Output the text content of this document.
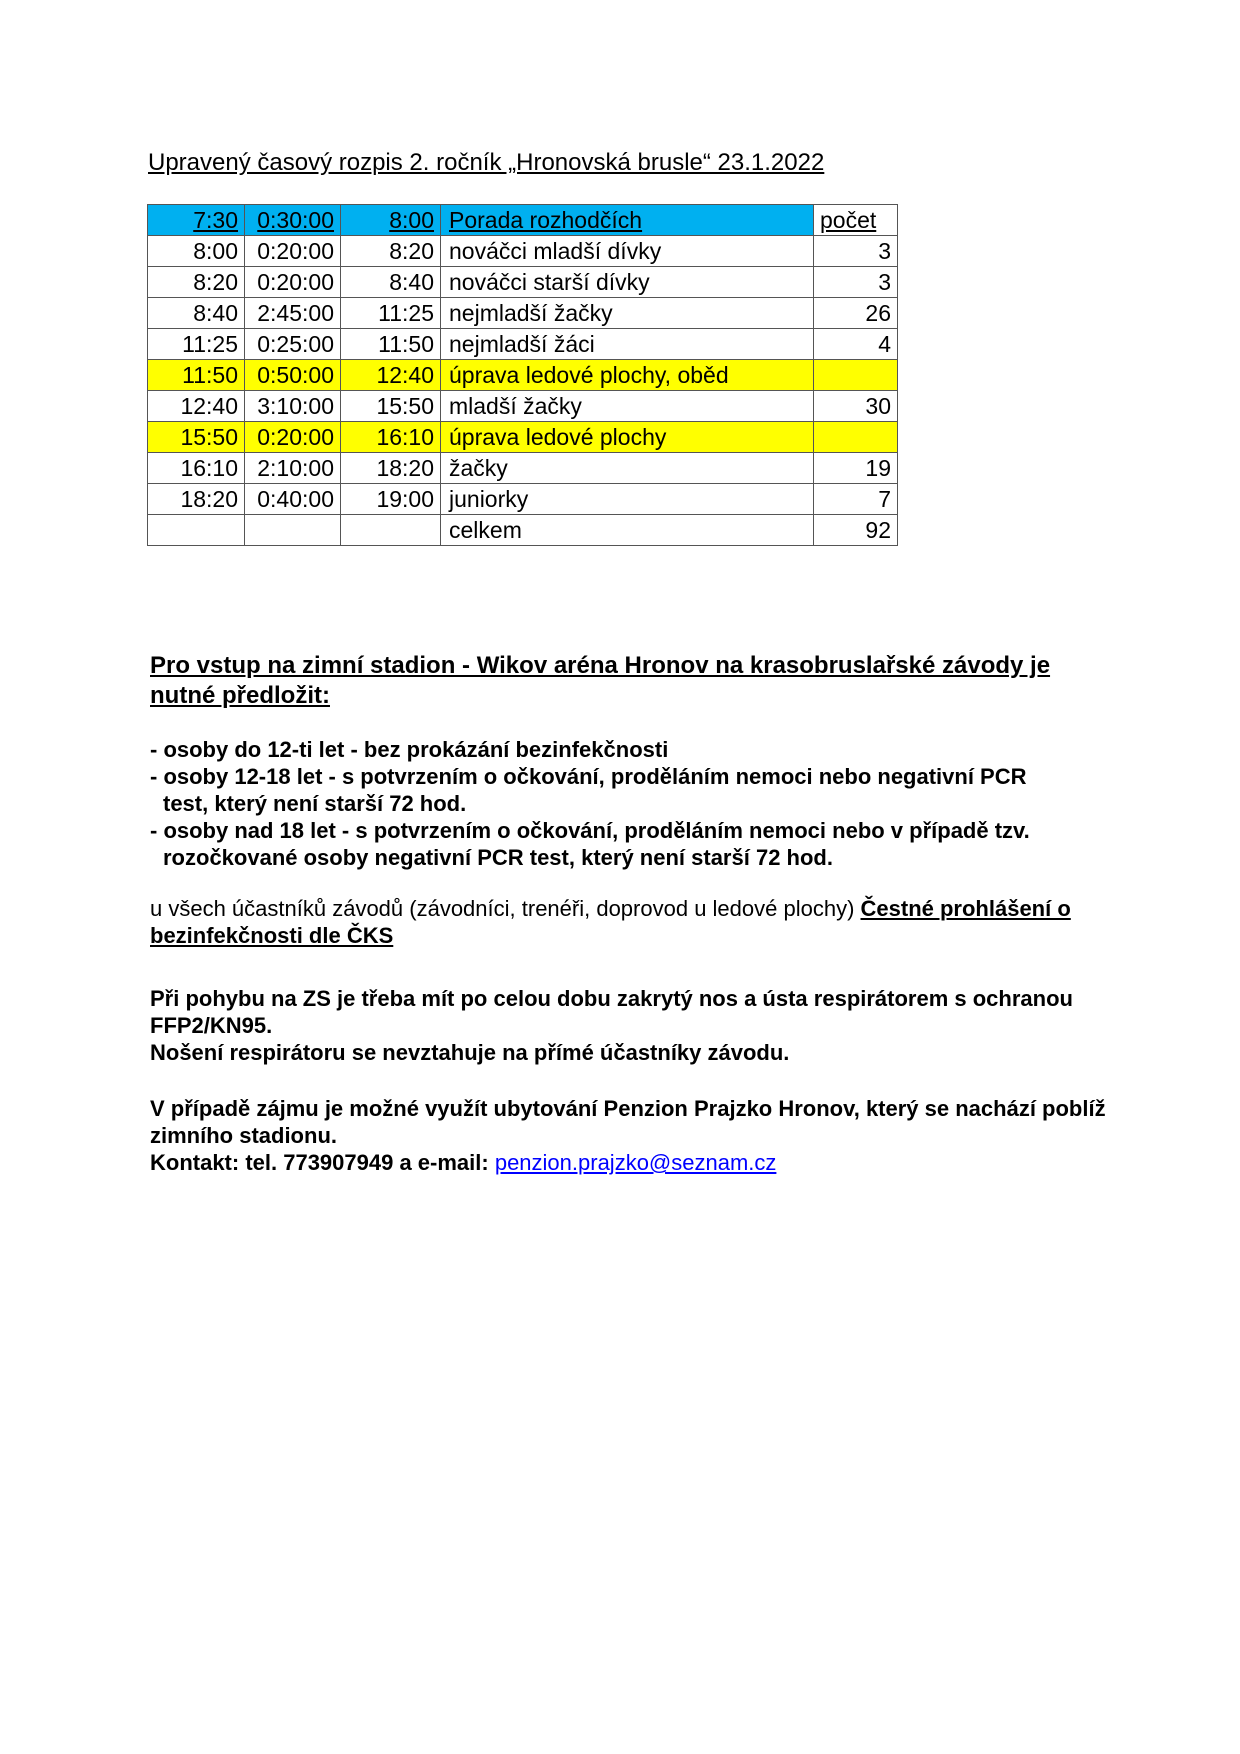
Upravený časový rozpis 2. ročník „Hronovská brusle“ 23.1.2022
7:30	0:30:00	8:00	Porada rozhodčích	počet
8:00	0:20:00	8:20	nováčci mladší dívky	3
8:20	0:20:00	8:40	nováčci starší dívky	3
8:40	2:45:00	11:25	nejmladší žačky	26
11:25	0:25:00	11:50	nejmladší žáci	4
11:50	0:50:00	12:40	úprava ledové plochy, oběd	
12:40	3:10:00	15:50	mladší žačky	30
15:50	0:20:00	16:10	úprava ledové plochy	
16:10	2:10:00	18:20	žačky	19
18:20	0:40:00	19:00	juniorky	7
			celkem	92
Pro vstup na zimní stadion - Wikov aréna Hronov na krasobruslařské závody je nutné předložit:
- osoby do 12-ti let - bez prokázání bezinfekčnosti
- osoby 12-18 let - s potvrzením o očkování, proděláním nemoci nebo negativní PCR
test, který není starší 72 hod.
- osoby nad 18 let - s potvrzením o očkování, proděláním nemoci nebo v případě tzv.
rozočkované osoby negativní PCR test, který není starší 72 hod.
u všech účastníků závodů (závodníci, trenéři, doprovod u ledové plochy) Čestné prohlášení o bezinfekčnosti dle ČKS
Při pohybu na ZS je třeba mít po celou dobu zakrytý nos a ústa respirátorem s ochranou FFP2/KN95.
Nošení respirátoru se nevztahuje na přímé účastníky závodu.
V případě zájmu je možné využít ubytování Penzion Prajzko Hronov, který se nachází poblíž zimního stadionu.
Kontakt: tel. 773907949 a e-mail: penzion.prajzko@seznam.cz
